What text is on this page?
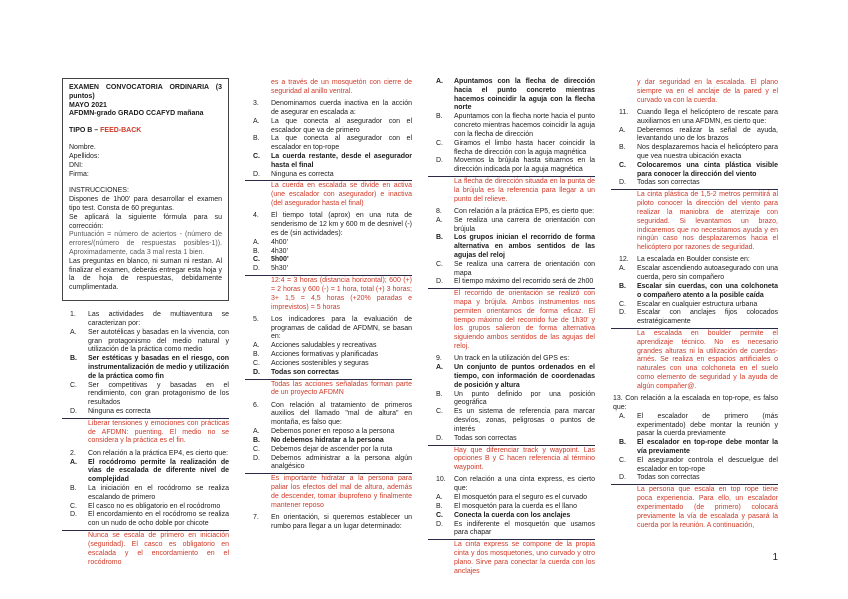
EXAMEN CONVOCATORIA ORDINARIA (3 puntos)

MAYO 2021

AFDMN-grado GRADO CCAFYD mañana

TIPO B – FEED-BACK

Nombre.

Apellidos:

DNI:

Firma:

INSTRUCCIONES:

Dispones de 1h00' para desarrollar el examen tipo test. Consta de 60 preguntas.

Se aplicará la siguiente fórmula para su corrección:

Puntuación = número de aciertos - (número de errores/(número de respuestas posibles-1)). Aproximadamente, cada 3 mal resta 1 bien.

Las preguntas en blanco, ni suman ni restan. Al finalizar el examen, deberás entregar esta hoja y la de hoja de respuestas, debidamente cumplimentada.

1.	Las actividades de multiaventura se caracterizan por:
A.	Ser autotélicas y basadas en la vivencia, con gran protagonismo del medio natural y utilización de la práctica como medio
B.	Ser estéticas y basadas en el riesgo, con instrumentalización de medio y utilización de la práctica como fin
C.	Ser competitivas y basadas en el rendimiento, con gran protagonismo de los resultados
D.	Ninguna es correcta

Liberar tensiones y emociones con prácticas de AFDMN: puenting. El medio no se considera y la práctica es el fin.

2.	Con relación a la práctica EP4, es cierto que:
A.	El rocódromo permite la realización de vías de escalada de diferente nivel de complejidad
B.	La iniciación en el rocódromo se realiza escalando de primero
C.	El casco no es obligatorio en el rocódromo
D.	El encordamiento en el rocódromo se realiza con un nudo de ocho doble por chicote

Nunca se escala de primero en iniciación (seguridad). El casco es obligatorio en escalada y el encordamiento en el rocódromo

es a través de un mosquetón con cierre de seguridad al anillo ventral.

3.	Denominamos cuerda inactiva en la acción de asegurar en escalada a:
A.	La que conecta al asegurador con el escalador que va de primero
B.	La que conecta al asegurador con el escalador en top-rope
C.	La cuerda restante, desde el asegurador hasta el final
D.	Ninguna es correcta

La cuerda en escalada se divide en activa (une escalador con asegurador) e inactiva (del asegurador hasta el final)

4.	El tiempo total (aprox) en una ruta de senderismo de 12 km y 600 m de desnivel (-) es de (sin actividades):
A.	4h00'
B.	4h30'
C.	5h00'
D.	5h30'

12:4 = 3 horas (distancia horizontal); 600 (+) = 2 horas y 600 (-) = 1 hora, total (+) 3 horas; 3+ 1,5 = 4,5 horas (+20% paradas e imprevistos) = 5 horas

5.	Los indicadores para la evaluación de programas de calidad de AFDMN, se basan en:
A.	Acciones saludables y recreativas
B.	Acciones formativas y planificadas
C.	Acciones sostenibles y seguras
D.	Todas son correctas

Todas las acciones señaladas forman parte de un proyecto AFDMN

6.	Con relación al tratamiento de primeros auxilios del llamado "mal de altura" en montaña, es falso que:
A.	Debemos poner en reposo a la persona
B.	No debemos hidratar a la persona
C.	Debemos dejar de ascender por la ruta
D.	Debemos administrar a la persona algún analgésico

Es importante hidratar a la persona para paliar los efectos del mal de altura, además de descender, tomar ibuprofeno y finalmente mantener reposo

7.	En orientación, si queremos establecer un rumbo para llegar a un lugar determinado:
A.	Apuntamos con la flecha de dirección hacia el punto concreto mientras hacemos coincidir la aguja con la flecha norte
B.	Apuntamos con la flecha norte hacia el punto concreto mientras hacemos coincidir la aguja con la flecha de dirección
C.	Giramos el limbo hasta hacer coincidir la flecha de dirección con la aguja magnética
D.	Movemos la brújula hasta situarnos en la dirección indicada por la aguja magnética

La flecha de dirección situada en la punta de la brújula es la referencia para llegar a un punto del relieve.

8.	Con relación a la práctica EP5, es cierto que:
A.	Se realiza una carrera de orientación con brújula
B.	Los grupos inician el recorrido de forma alternativa en ambos sentidos de las agujas del reloj
C.	Se realiza una carrera de orientación con mapa
D.	El tiempo máximo del recorrido será de 2h00

El recorrido de orientación se realizó con mapa y brújula. Ambos instrumentos nos permiten orientarnos de forma eficaz. El tiempo máximo del recorrido fue de 1h30' y los grupos salieron de forma alternativa siguiendo ambos sentidos de las agujas del reloj.

9.	Un track en la utilización del GPS es:
A.	Un conjunto de puntos ordenados en el tiempo, con información de coordenadas de posición y altura
B.	Un punto definido por una posición geográfica
C.	Es un sistema de referencia para marcar desvíos, zonas, peligrosas o puntos de interés
D.	Todas son correctas

Hay que diferenciar track y waypoint. Las opciones B y C hacen referencia al término waypoint.

10.	Con relación a una cinta express, es cierto que:
A.	El mosquetón para el seguro es el curvado
B.	El mosquetón para la cuerda es el llano
C.	Conecta la cuerda con los anclajes
D.	Es indiferente el mosquetón que usamos para chapar

La cinta express se compone de la propia cinta y dos mosquetones, uno curvado y otro plano. Sirve para conectar la cuerda con los anclajes

y dar seguridad en la escalada. El plano siempre va en el anclaje de la pared y el curvado va con la cuerda.

11.	Cuando llega el helicóptero de rescate para auxiliarnos en una AFDMN, es cierto que:
A.	Deberemos realizar la señal de ayuda, levantando uno de los brazos
B.	Nos desplazaremos hacia el helicóptero para que vea nuestra ubicación exacta
C.	Colocaremos una cinta plástica visible para conocer la dirección del viento
D.	Todas son correctas

La cinta plástica de 1,5-2 metros permitirá al piloto conocer la dirección del viento para realizar la maniobra de aterrizaje con seguridad. Si levantamos un brazo, indicaremos que no necesitamos ayuda y en ningún caso nos desplazaremos hacia el helicóptero por razones de seguridad.

12.	La escalada en Boulder consiste en:
A.	Escalar ascendiendo autoasegurado con una cuerda, pero sin compañero
B.	Escalar sin cuerdas, con una colchoneta o compañero atento a la posible caída
C.	Escalar en cualquier estructura urbana
D.	Escalar con anclajes fijos colocados estratégicamente

La escalada en boulder permite el aprendizaje técnico. No es necesario grandes alturas ni la utilización de cuerdas-arnés. Se realiza en espacios artificiales o naturales con una colchoneta en el suelo como elemento de seguridad y la ayuda de algún compañer@.

13. Con relación a la escalada en top-rope, es falso que:
A.	El escalador de primero (más experimentado) debe montar la reunión y pasar la cuerda previamente
B.	El escalador en top-rope debe montar la vía previamente
C.	El asegurador controla el descuelgue del escalador en top-rope
D.	Todas son correctas

La persona que escala en top rope tiene poca experiencia. Para ello, un escalador experimentado (de primero) colocará previamente la vía de escalada y pasará la cuerda por la reunión. A continuación,

1
